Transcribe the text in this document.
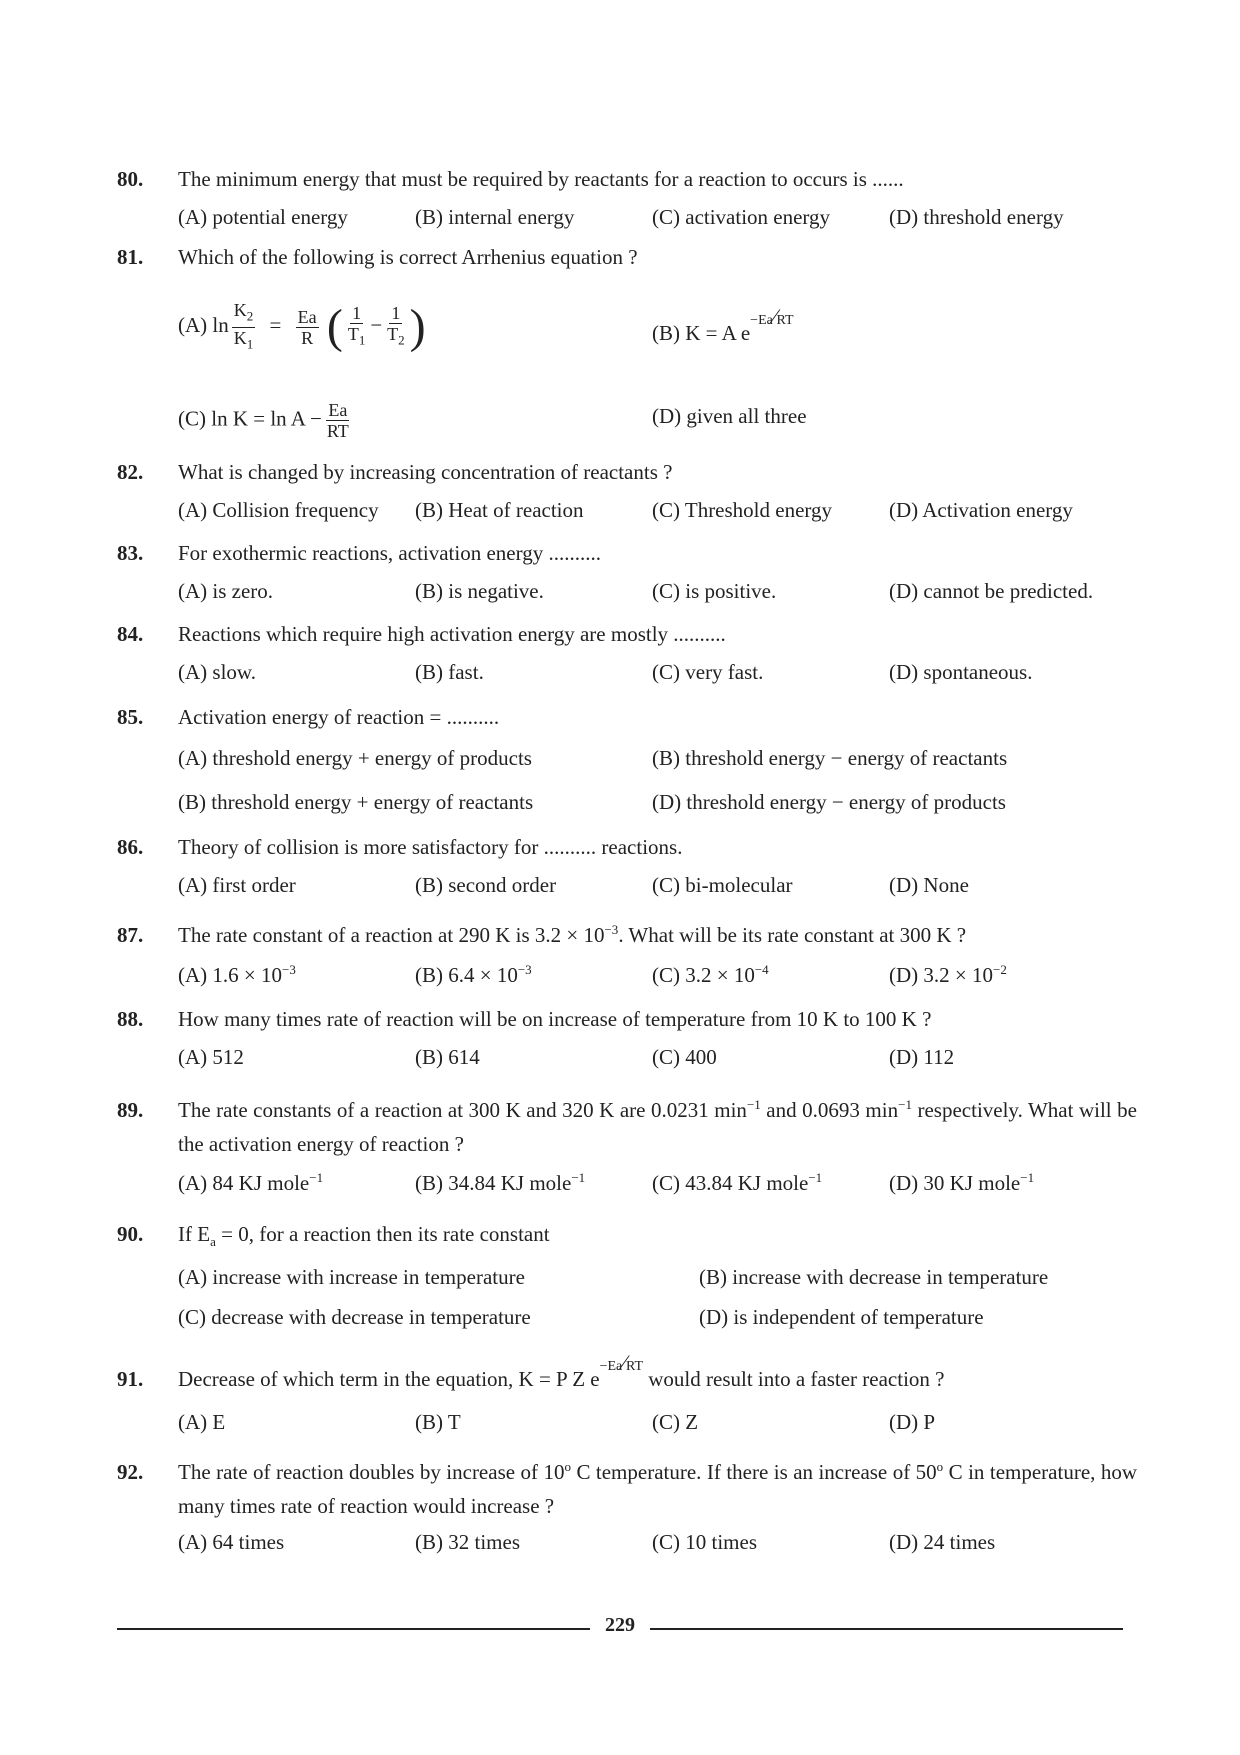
80.	The minimum energy that must be required by reactants for a reaction to occurs is ......
(A) potential energy	(B) internal energy	(C) activation energy	(D) threshold energy
81.	Which of the following is correct Arrhenius equation ?
(A) $\ln \frac{K_2}{K_1} = \frac{Ea}{R}$ ( $\frac{1}{T_1} - \frac{1}{T_2}$ )	(B) K = A e−Ea⁄RT
(C) $\ln K = \ln A - \frac{Ea}{RT}$	(D) given all three
82.	What is changed by increasing concentration of reactants ?
(A) Collision frequency (B) Heat of reaction	(C) Threshold energy	(D) Activation energy
83.	For exothermic reactions, activation energy ..........
(A) is zero.	(B) is negative.	(C) is positive.	(D) cannot be predicted.
84.	Reactions which require high activation energy are mostly ..........
(A) slow.	(B) fast.	(C) very fast.	(D) spontaneous.
85.	Activation energy of reaction = ..........
(A) threshold energy + energy of products	(B) threshold energy − energy of reactants
(B) threshold energy + energy of reactants	(D) threshold energy − energy of products
86.	Theory of collision is more satisfactory for .......... reactions.
(A) first order	(B) second order	(C) bi-molecular	(D) None
87.	The rate constant of a reaction at 290 K is $3.2 \times 10^{-3}$. What will be its rate constant at 300 K ?
(A) $1.6 \times 10^{-3}$	(B) $6.4 \times 10^{-3}$	(C) $3.2 \times 10^{-4}$	(D) $3.2 \times 10^{-2}$
88.	How many times rate of reaction will be on increase of temperature from 10 K to 100 K ?
(A) 512	(B) 614	(C) 400	(D) 112
89.	The rate constants of a reaction at 300 K and 320 K are 0.0231 $\min^{-1}$ and 0.0693 $\min^{-1}$ respectively. What will be the activation energy of reaction ?
(A) 84 KJ mole$^{-1}$	(B) 34.84 KJ mole$^{-1}$	(C) 43.84 KJ mole$^{-1}$	(D) 30 KJ mole$^{-1}$
90.	If $E_a = 0$, for a reaction then its rate constant
(A) increase with increase in temperature	(B) increase with decrease in temperature
(C) decrease with decrease in temperature	(D) is independent of temperature
91.	Decrease of which term in the equation, K = P Z e−Ea⁄RT would result into a faster reaction ?
(A) E	(B) T	(C) Z	(D) P
92.	The rate of reaction doubles by increase of 10$^o$ C temperature. If there is an increase of 50$^o$ C in temperature, how many times rate of reaction would increase ?
(A) 64 times	(B) 32 times	(C) 10 times	(D) 24 times
229
